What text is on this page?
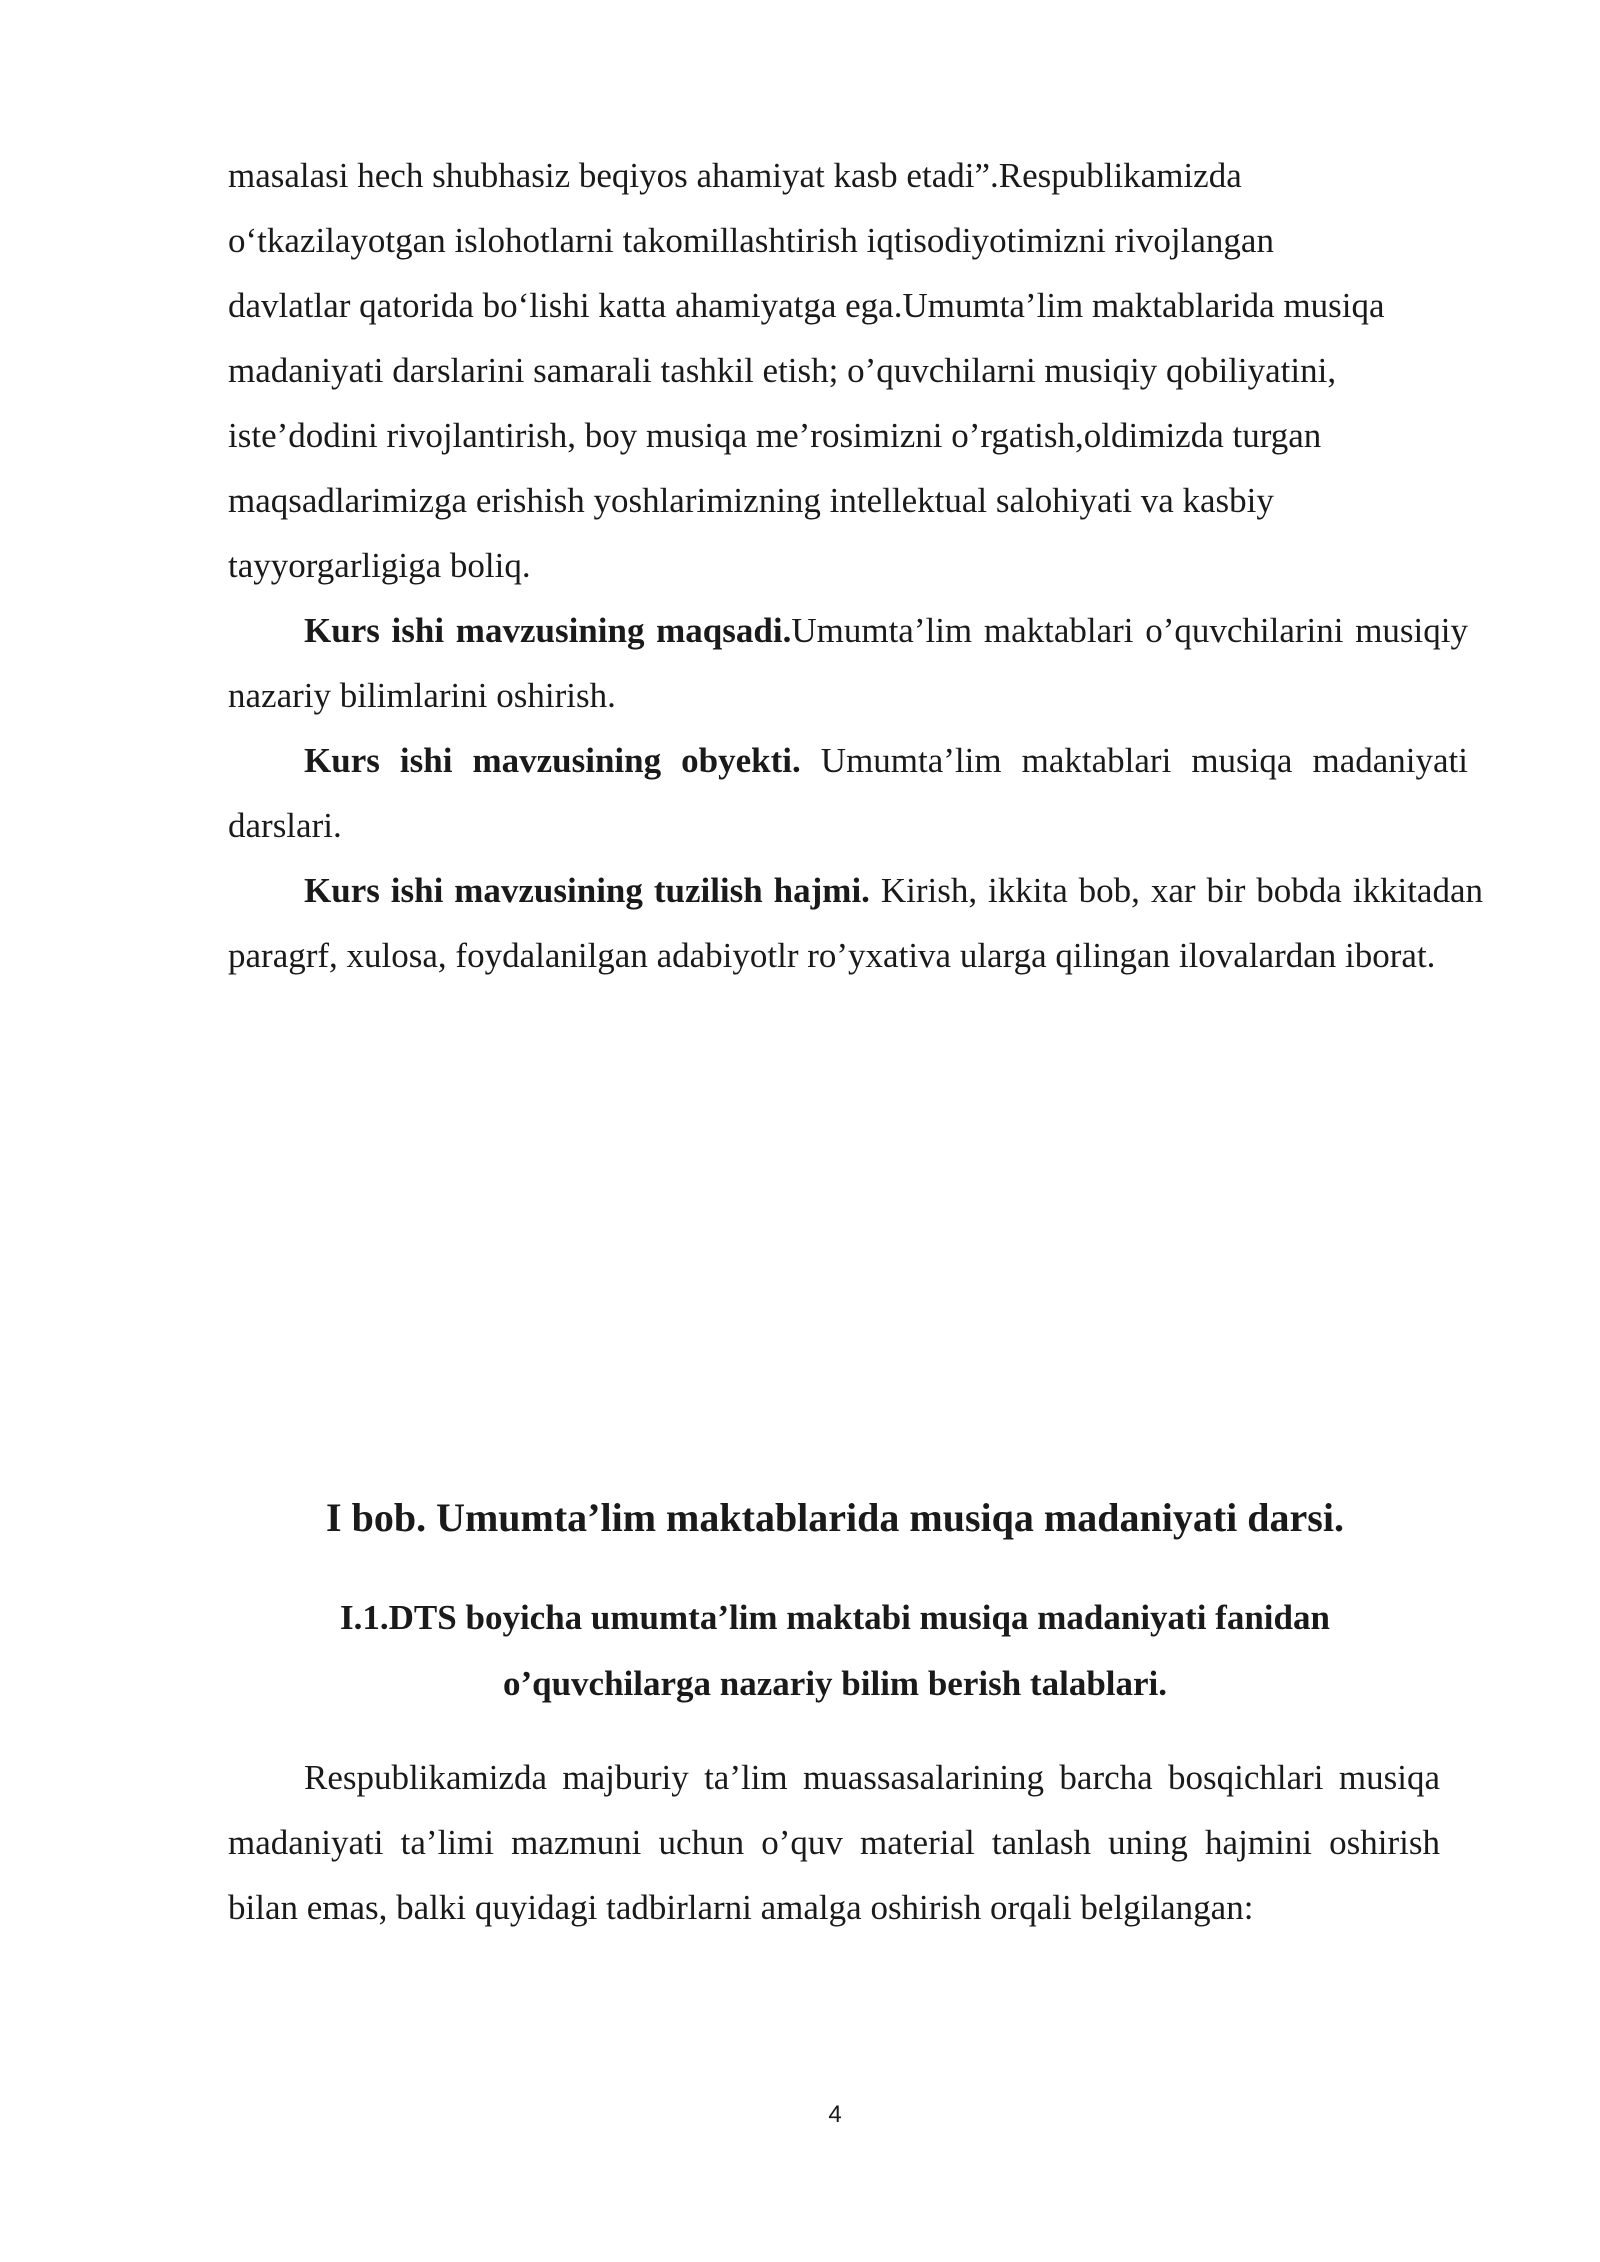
masalasi hech shubhasiz beqiyos ahamiyat kasb etadi”.Respublikamizda
o‘tkazilayotgan islohotlarni takomillashtirish iqtisodiyotimizni rivojlangan
davlatlar qatorida bo‘lishi katta ahamiyatga ega.Umumta’lim maktablarida musiqa
madaniyati darslarini samarali tashkil etish; o’quvchilarni musiqiy qobiliyatini,
iste’dodini rivojlantirish, boy musiqa me’rosimizni o’rgatish,oldimizda turgan
maqsadlarimizga erishish yoshlarimizning intellektual salohiyati va kasbiy
tayyorgarligiga boliq.
Kurs ishi mavzusining maqsadi.Umumta’lim maktablari o’quvchilarini musiqiy nazariy bilimlarini oshirish.
Kurs ishi mavzusining obyekti. Umumta’lim maktablari musiqa madaniyati darslari.
Kurs ishi mavzusining tuzilish hajmi. Kirish, ikkita bob, xar bir bobda ikkitadan paragrf, xulosa, foydalanilgan adabiyotlr ro’yxativa ularga qilingan ilovalardan iborat.
I bob. Umumta’lim maktablarida musiqa madaniyati darsi.
I.1.DTS boyicha umumta’lim maktabi musiqa madaniyati fanidan
o’quvchilarga nazariy bilim berish talablari.
Respublikamizda majburiy ta’lim muassasalarining barcha bosqichlari musiqa madaniyati ta’limi mazmuni uchun o’quv material tanlash uning hajmini oshirish bilan emas, balki quyidagi tadbirlarni amalga oshirish orqali belgilangan:
4
